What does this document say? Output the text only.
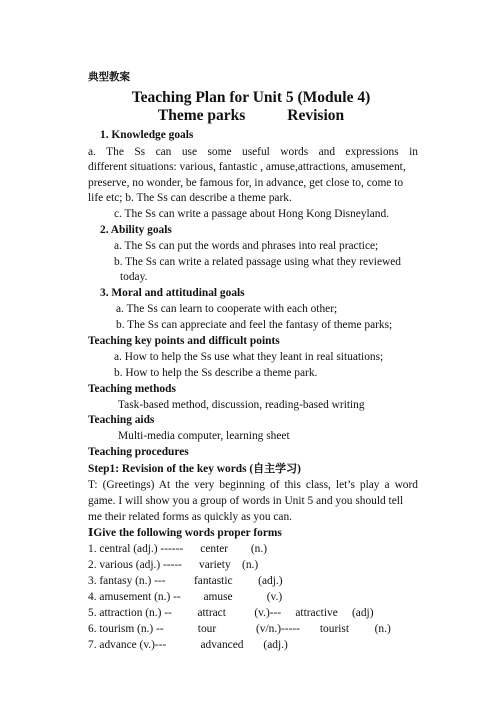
典型教案
Teaching Plan for Unit 5 (Module 4)
Theme parks	Revision
1. Knowledge goals
a. The Ss can use some useful words and expressions in
different situations: various, fantastic , amuse,attractions, amusement,
preserve, no wonder, be famous for, in advance, get close to, come to
life etc; b. The Ss can describe a theme park.
c. The Ss can write a passage about Hong Kong Disneyland.
2. Ability goals
a. The Ss can put the words and phrases into real practice;
b. The Ss can write a related passage using what they reviewed
today.
3. Moral and attitudinal goals
a. The Ss can learn to cooperate with each other;
b. The Ss can appreciate and feel the fantasy of theme parks;
Teaching key points and difficult points
a. How to help the Ss use what they leant in real situations;
b. How to help the Ss describe a theme park.
Teaching methods
Task-based method, discussion, reading-based writing
Teaching aids
Multi-media computer, learning sheet
Teaching procedures
Step1: Revision of the key words (自主学习)
T: (Greetings) At the very beginning of this class, let’s play a word
game. I will show you a group of words in Unit 5 and you should tell
me their related forms as quickly as you can.
ⅠGive the following words proper forms
1. central (adj.) ------      center        (n.)
2. various (adj.) -----      variety    (n.)
3. fantasy (n.) ---          fantastic         (adj.)
4. amusement (n.) --        amuse            (v.)
5. attraction (n.) --         attract          (v.)---     attractive     (adj)
6. tourism (n.) --            tour              (v/n.)-----       tourist         (n.)
7. advance (v.)---            advanced       (adj.)
